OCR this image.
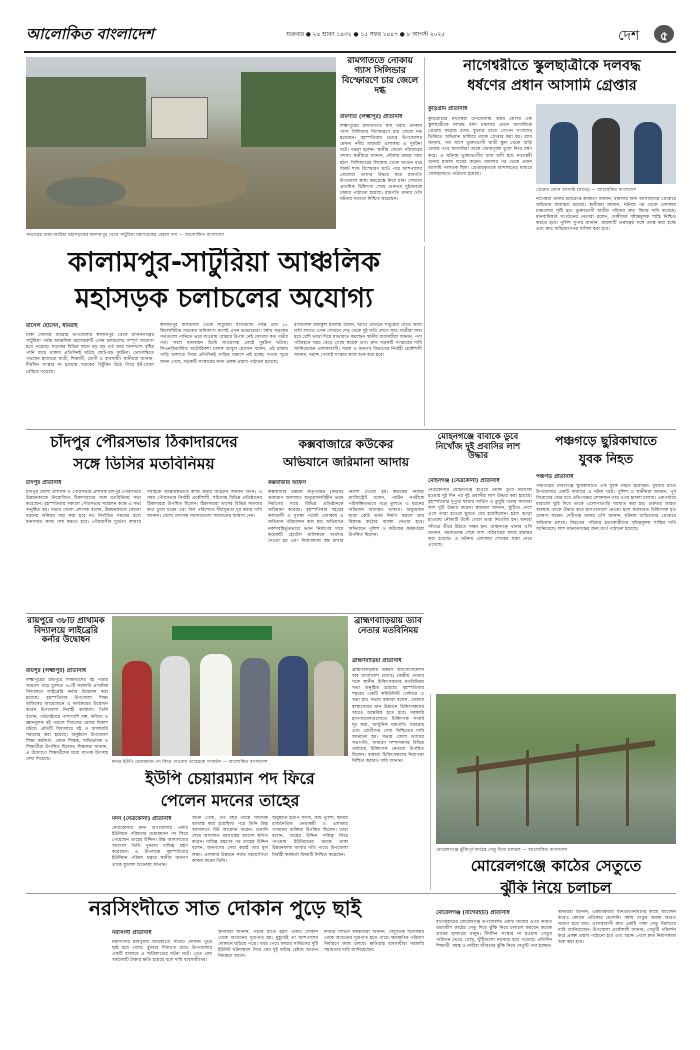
আলোকিত বাংলাদেশ	শুক্রবার ● ২৪ শ্রাবণ ১৪৩২ ● ১৫ সফর ১৪৪৭ ● ৮ আগস্ট ২০২৫	দেশ	৫
সাভারের ঢাকা-আরিচা মহাসড়কের কালামপুর থেকে সাটুরিয়া মহাসড়কের বেহাল দশা — আলোকিত বাংলাদেশ
রামগতিতে নৌকায় গ্যাস সিলিন্ডার বিস্ফোরণে চার জেলে দগ্ধ
রামগতি (লক্ষ্মীপুর) প্রতিনিধি
লক্ষ্মীপুরের রামগতিতে মাছ ধরার নৌকায় গ্যাস সিলিন্ডার বিস্ফোরণে চার জেলে দগ্ধ হয়েছেন। বৃহস্পতিবার ভোরে উপজেলার মেঘনা নদীর মাছঘাট এলাকায় এ দুর্ঘটনা ঘটে। দগ্ধরা হলেন- স্থানীয় জেলে পরিবারের সদস্য। স্থানীয়রা জানান, নৌকায় রান্নার সময় হঠাৎ সিলিন্ডারের লিকেজ থেকে আগুন ধরে বিকট শব্দে বিস্ফোরণ ঘটে। পরে আশপাশের জেলেরা তাদের উদ্ধার করে রামগতি উপজেলা স্বাস্থ্য কমপ্লেক্সে নিয়ে যান। সেখানে প্রাথমিক চিকিৎসা শেষে গুরুতর দুইজনকে ঢাকায় পাঠানো হয়েছে। রামগতি থানার ওসি ঘটনার সত্যতা নিশ্চিত করেছেন।
নাগেশ্বরীতে স্কুলছাত্রীকে দলবদ্ধ
ধর্ষণের প্রধান আসামি গ্রেপ্তার
কুড়িগ্রাম প্রতিনিধি
কুড়িগ্রামের নাগেশ্বরী উপজেলায় অষ্টম শ্রেণির এক স্কুলছাত্রীকে দলবদ্ধ ধর্ষণ মামলার প্রধান আসামিকে গ্রেপ্তার করেছে র‍্যাব। বুধবার রাতে গোপন সংবাদের ভিত্তিতে অভিযান চালিয়ে তাকে গ্রেপ্তার করা হয়। র‍্যাব জানায়, গত মাসে ভুক্তভোগী ছাত্রী স্কুল থেকে বাড়ি ফেরার পথে আসামিরা তাকে জোরপূর্বক তুলে নিয়ে ধর্ষণ করে। এ ঘটনায় ভুক্তভোগীর বাবা বাদী হয়ে নাগেশ্বরী থানায় মামলা দায়ের করেন। মামলার পর থেকে প্রধান আসামি পলাতক ছিল। গ্রেপ্তারকৃতকে আদালতের মাধ্যমে জেলহাজতে পাঠানো হয়েছে।
গ্রেপ্তার প্রধান আসামি (মাঝে) — আলোকিত বাংলাদেশ
নাগেশ্বরী থানার ভারপ্রাপ্ত কর্মকর্তা জানান, মামলার অন্য আসামিদের গ্রেপ্তারে অভিযান অব্যাহত রয়েছে। স্থানীয়রা জানান, ঘটনার পর থেকে এলাকায় চাঞ্চল্যের সৃষ্টি হয়। ভুক্তভোগী ছাত্রীর পরিবার দ্রুত বিচার দাবি করেছে। মানবাধিকার সংগঠনের নেতারা বলেন, দোষীদের দৃষ্টান্তমূলক শাস্তি নিশ্চিত করতে হবে। পুলিশ সুপার জানান, মামলাটি গুরুত্বের সঙ্গে তদন্ত করা হচ্ছে এবং দ্রুত অভিযোগপত্র দাখিল করা হবে।
কালামপুর-সাটুরিয়া আঞ্চলিক
মহাসড়ক চলাচলের অযোগ্য
রাসেল হোসেন, ধামরাই
ঢাকা জেলার ধামরাই উপজেলার কালামপুর থেকে মানিকগঞ্জের সাটুরিয়া পর্যন্ত আঞ্চলিক মহাসড়কটি এখন চলাচলের সম্পূর্ণ অযোগ্য হয়ে পড়েছে। সড়কের বিভিন্ন স্থানে বড় বড় গর্ত আর খানাখন্দে বৃষ্টির পানি জমে থাকায় প্রতিদিনই ঘটছে ছোট-বড় দুর্ঘটনা। ভোগান্তিতে পড়ছেন হাজারো যাত্রী, শিক্ষার্থী, রোগী ও ব্যবসায়ী। স্থানীয়রা জানান, দীর্ঘদিন সংস্কার না হওয়ায় সড়কের বিটুমিন উঠে গিয়ে ইট-খোয়া বেরিয়ে পড়েছে।
কালামপুর বাসস্ট্যান্ড থেকে সাটুরিয়া বাসস্ট্যান্ড পর্যন্ত প্রায় ১৮ কিলোমিটার সড়কের অধিকাংশ অংশই এখন ভাঙাচোরা। বর্ষায় সড়কের গর্তগুলো পানিতে ভরে যাওয়ায় বোঝার উপায় নেই কোথায় কত গভীর গর্ত। ফলে যানবাহন উল্টে যাওয়াসহ প্রায়ই দুর্ঘটনা ঘটছে। সিএনজিচালিত অটোরিকশা চালক আবুল হোসেন বলেন, এই রাস্তায় গাড়ি চালাতে গিয়ে প্রতিদিনই গাড়ির যন্ত্রাংশ নষ্ট হচ্ছে। সওজ সূত্রে জানা গেছে, সড়কটি সংস্কারের জন্য প্রকল্প প্রস্তাব পাঠানো হয়েছে।
বাসচালক রফিকুল ইসলাম বলেন, আগে যেখানে সাটুরিয়া যেতে আধা ঘণ্টা লাগত এখন সেখানে দেড় থেকে দুই ঘণ্টা লেগে যায়। যাত্রীরা বাধ্য হয়ে বেশি ভাড়া দিয়ে যাতায়াত করছেন। স্থানীয় ব্যবসায়ীরা জানান, পণ্য পরিবহনে খরচ বেড়ে গেছে কয়েক গুণ। দ্রুত সড়কটি সংস্কারের দাবি জানিয়েছেন এলাকাবাসী। সড়ক ও জনপথ বিভাগের নির্বাহী প্রকৌশলী জানান, বরাদ্দ পেলেই সংস্কার কাজ শুরু করা হবে।
চাঁদপুর পৌরসভার ঠিকাদারদের
সঙ্গে ডিসির মতবিনিময়
চাঁদপুর প্রতিনিধি
চাঁদপুর জেলা প্রশাসক ও পৌরসভার প্রশাসক চাঁদপুর পৌরসভার উন্নয়নকাজে নিয়োজিত ঠিকাদারদের সঙ্গে মতবিনিময় সভা করেছেন। বৃহস্পতিবার সকালে পৌরসভার সম্মেলন কক্ষে এ সভা অনুষ্ঠিত হয়। সভায় জেলা প্রশাসক বলেন, উন্নয়নকাজে কোনো ধরনের অনিয়ম সহ্য করা হবে না। নির্ধারিত সময়ের মধ্যে মানসম্মত কাজ শেষ করতে হবে। পৌরবাসীর দুর্ভোগ লাঘবে সবাইকে আন্তরিকভাবে কাজ করার আহ্বান জানান তিনি। এ সময় পৌরসভার নির্বাহী প্রকৌশলী, সচিবসহ বিভিন্ন প্রতিষ্ঠানের ঠিকাদাররা উপস্থিত ছিলেন। ঠিকাদাররা তাদের বিভিন্ন সমস্যার কথা তুলে ধরেন এবং বিল পরিশোধে দীর্ঘসূত্রতা দূর করার দাবি জানান। জেলা প্রশাসক সমস্যাগুলো সমাধানের আশ্বাস দেন।
কক্সবাজারে কউকের
অভিযানে জরিমানা আদায়
কক্সবাজার অফিস
কক্সবাজার উন্নয়ন কর্তৃপক্ষের (কউক) ভ্রাম্যমাণ আদালত অনুমোদনবিহীন ভবন নির্মাণের দায়ে বিভিন্ন প্রতিষ্ঠানকে জরিমানা করেছে। বৃহস্পতিবার শহরের কলাতলী ও সুগন্ধা পয়েন্ট এলাকায় এ অভিযান পরিচালনা করা হয়। অভিযানে নকশাবহির্ভূতভাবে ভবন নির্মাণের দায়ে কয়েকটি হোটেল মালিককে অর্থদণ্ড দেওয়া হয় এবং নির্মাণকাজ বন্ধ রাখার নির্দেশ দেওয়া হয়। কউকের নির্বাহী ম্যাজিস্ট্রেট বলেন, পর্যটন নগরীকে পরিকল্পিতভাবে গড়ে তুলতে এ ধরনের অভিযান অব্যাহত থাকবে। অনুমোদন ছাড়া কেউ ভবন নির্মাণ করলে তার বিরুদ্ধে কঠোর ব্যবস্থা নেওয়া হবে। অভিযানে পুলিশ ও কউকের কর্মকর্তারা উপস্থিত ছিলেন।
মোহনগঞ্জে বাবাকে ডুবে নিখোঁজ দুই প্রবাসির লাশ উদ্ধার
মোহনগঞ্জ (নেত্রকোনা) প্রতিনিধি
নেত্রকোনার মোহনগঞ্জে হাওরে নৌকা ডুবে নিখোঁজ হওয়ার দুই দিন পর দুই প্রবাসীর লাশ উদ্ধার করা হয়েছে। বৃহস্পতিবার দুপুরে ফায়ার সার্ভিস ও ডুবুরি দলের সদস্যরা লাশ দুটি উদ্ধার করেন। স্বজনরা জানান, ছুটিতে দেশে এসে তারা হাওরে ঘুরতে বের হয়েছিলেন। হঠাৎ ঝড়ো হাওয়ায় নৌকাটি উল্টে গেলে তারা নিখোঁজ হন। অন্যরা সাঁতরে তীরে উঠতে সক্ষম হন। মোহনগঞ্জ থানার ওসি জানান, ময়নাতদন্ত শেষে লাশ পরিবারের কাছে হস্তান্তর করা হয়েছে। এ ঘটনায় এলাকায় শোকের ছায়া নেমে এসেছে।
পঞ্চগড়ে ছুরিকাঘাতে
যুবক নিহত
পঞ্চগড় প্রতিনিধি
পঞ্চগড়ের দেবীগঞ্জে ছুরিকাঘাতে এক যুবক নিহত হয়েছেন। বুধবার রাতে উপজেলার একটি বাজারে এ ঘটনা ঘটে। পুলিশ ও স্থানীয়রা জানান, পূর্ব বিরোধের জের ধরে প্রতিপক্ষের লোকজন তার ওপর হামলা চালায়। একপর্যায়ে ধারালো ছুরি দিয়ে তাকে এলোপাতাড়ি আঘাত করা হয়। গুরুতর আহত অবস্থায় তাকে উদ্ধার করে হাসপাতালে নেওয়া হলে কর্তব্যরত চিকিৎসক মৃত ঘোষণা করেন। দেবীগঞ্জ থানার ওসি জানান, ঘটনায় জড়িতদের গ্রেপ্তারে অভিযান চলছে। নিহতের পরিবার হত্যাকারীদের দৃষ্টান্তমূলক শাস্তির দাবি জানিয়েছে। লাশ ময়নাতদন্তের জন্য মর্গে পাঠানো হয়েছে।
রায়পুরে ৩৮টি প্রাথমিক বিদ্যালয়ে লাইব্রেরি কর্নার উদ্বোধন
রায়পুর (লক্ষ্মীপুর) প্রতিনিধি
লক্ষ্মীপুরের রায়পুরে শিক্ষার্থীদের বই পড়ার অভ্যাস গড়ে তুলতে ৩৮টি সরকারি প্রাথমিক বিদ্যালয়ে লাইব্রেরি কর্নার উদ্বোধন করা হয়েছে। বৃহস্পতিবার উপজেলা শিক্ষা অফিসের আয়োজনে এ কার্যক্রমের উদ্বোধন করেন উপজেলা নির্বাহী কর্মকর্তা। তিনি বলেন, পাঠ্যবইয়ের পাশাপাশি গল্প, কবিতা ও জ্ঞানমূলক বই পড়লে শিশুদের মেধার বিকাশ ঘটবে। প্রতিটি বিদ্যালয়ে বই ও আলমারি সরবরাহ করা হয়েছে। অনুষ্ঠানে উপজেলা শিক্ষা কর্মকর্তা, প্রধান শিক্ষক, অভিভাবক ও শিক্ষার্থীরা উপস্থিত ছিলেন। শিক্ষকরা জানান, এ উদ্যোগে শিক্ষার্থীদের মধ্যে ব্যাপক উৎসাহ দেখা দিয়েছে।
মদনে ইউপি চেয়ারম্যান পদ ফিরে পাওয়ায় তাহেরকে সংবর্ধনা — আলোকিত বাংলাদেশ
ব্রাহ্মণবাড়িয়ায় ড্যাব নেতার মতবিনিময়
ব্রাহ্মণবাড়িয়া প্রতিনিধি
ব্রাহ্মণবাড়িয়ায় ডক্টরস অ্যাসোসিয়েশন অব বাংলাদেশ (ড্যাব) কেন্দ্রীয় নেতার সঙ্গে স্থানীয় চিকিৎসকদের মতবিনিময় সভা অনুষ্ঠিত হয়েছে। বৃহস্পতিবার শহরের একটি কমিউনিটি সেন্টারে এ সভা হয়। সভায় বক্তারা বলেন, জেলার স্বাস্থ্যসেবার মান উন্নয়নে চিকিৎসকদের আরও আন্তরিক হতে হবে। সরকারি হাসপাতালগুলোতে চিকিৎসক সংকট দূর করা, আধুনিক যন্ত্রপাতি সরবরাহ এবং রোগীদের সেবা নিশ্চিতের দাবি জানানো হয়। সভায় জেলা ড্যাবের সভাপতি, সাধারণ সম্পাদকসহ বিভিন্ন পর্যায়ের চিকিৎসক নেতারা উপস্থিত ছিলেন। বক্তারা চিকিৎসকদের নিরাপত্তা নিশ্চিত করারও দাবি জানান।
ইউপি চেয়ারম্যান পদ ফিরে
পেলেন মদনের তাহের
মদন (নেত্রকোনা) প্রতিনিধি
নেত্রকোনার মদন উপজেলার একটি ইউনিয়ন পরিষদের চেয়ারম্যান পদ ফিরে পেয়েছেন তাহের উদ্দিন। উচ্চ আদালতের আদেশে তিনি পুনরায় দায়িত্ব গ্রহণ করেছেন। এ উপলক্ষে বৃহস্পতিবার ইউনিয়ন পরিষদ চত্বরে স্থানীয় জনগণ তাকে ফুলেল শুভেচ্ছা জানান।
জানা গেছে, গত বছর তাকে সাময়িক বরখাস্ত করা হয়েছিল। পরে তিনি উচ্চ আদালতে রিট আবেদন করেন। শুনানি শেষে আদালত বরখাস্তের আদেশ স্থগিত করেন। দায়িত্ব গ্রহণের পর তাহের উদ্দিন বলেন, জনগণের সেবা করাই তার মূল লক্ষ্য। এলাকার উন্নয়নে সবার সহযোগিতা কামনা করেন তিনি।
অনুষ্ঠানে ইউপি সদস্য, গ্রাম পুলিশ, স্থানীয় রাজনৈতিক নেতাকর্মী ও এলাকার গণ্যমান্য ব্যক্তিরা উপস্থিত ছিলেন। তারা বলেন, তাহের উদ্দিন দায়িত্ব ফিরে পাওয়ায় ইউনিয়নের থমকে থাকা উন্নয়নকাজ আবার গতি পাবে। উপজেলা নির্বাহী কর্মকর্তা বিষয়টি নিশ্চিত করেছেন।
মোরেলগঞ্জে ঝুঁকিপূর্ণ কাঠের সেতু দিয়ে চলাচল — আলোকিত বাংলাদেশ
নরসিংদীতে সাত দোকান পুড়ে ছাই
নরসিংদী প্রতিনিধি
নরসিংদীর রায়পুরায় অগ্নিকাণ্ডে সাতটি দোকান পুড়ে ছাই হয়ে গেছে। বুধবার দিবাগত রাতে উপজেলার একটি বাজারে এ অগ্নিকাণ্ডের ঘটনা ঘটে। এতে প্রায় অর্ধকোটি টাকার ক্ষতি হয়েছে বলে দাবি ব্যবসায়ীদের।
স্থানীয়রা জানান, গভীর রাতে হঠাৎ একটি দোকান থেকে আগুনের সূত্রপাত হয়। মুহূর্তেই তা আশপাশের দোকানে ছড়িয়ে পড়ে। খবর পেয়ে ফায়ার সার্ভিসের দুটি ইউনিট ঘটনাস্থলে গিয়ে প্রায় দুই ঘণ্টার চেষ্টায় আগুন নিয়ন্ত্রণে আনে।
ফায়ার সার্ভিস কর্মকর্তারা জানান, বৈদ্যুতিক শর্টসার্কিট থেকে আগুনের সূত্রপাত হতে পারে। ক্ষয়ক্ষতির পরিমাণ নির্ধারণে কাজ চলছে। ক্ষতিগ্রস্ত ব্যবসায়ীরা সরকারি সহায়তার দাবি জানিয়েছেন।
মোরেলগঞ্জে কাঠের সেতুতে
ঝুঁকি নিয়ে চলাচল
মোরেলগঞ্জ (বাগেরহাট) প্রতিনিধি
বাগেরহাটের মোরেলগঞ্জ উপজেলার একটি খালের ওপর নির্মিত জরাজীর্ণ কাঠের সেতু দিয়ে ঝুঁকি নিয়ে চলাচল করছেন কয়েক গ্রামের হাজারো মানুষ। দীর্ঘদিন সংস্কার না হওয়ায় সেতুর পাটাতন ভেঙে গেছে, খুঁটিগুলো নড়বড়ে হয়ে পড়েছে। প্রতিদিন শিক্ষার্থী, বয়স্ক ও নারীরা জীবনের ঝুঁকি নিয়ে সেতুটি পার হচ্ছেন।
স্থানীয়রা জানান, একাধিকবার জনপ্রতিনিধিদের কাছে আবেদন করেও কোনো প্রতিকার মেলেনি। বর্ষায় সেতুর অবস্থা আরও খারাপ হয়ে যায়। এলাকাবাসী দ্রুত একটি পাকা সেতু নির্মাণের দাবি জানিয়েছেন। উপজেলা প্রকৌশলী জানান, সেতুটি পরিদর্শন করে প্রকল্প প্রস্তাব পাঠানো হবে এবং বরাদ্দ পেলে দ্রুত নির্মাণকাজ শুরু করা হবে।
